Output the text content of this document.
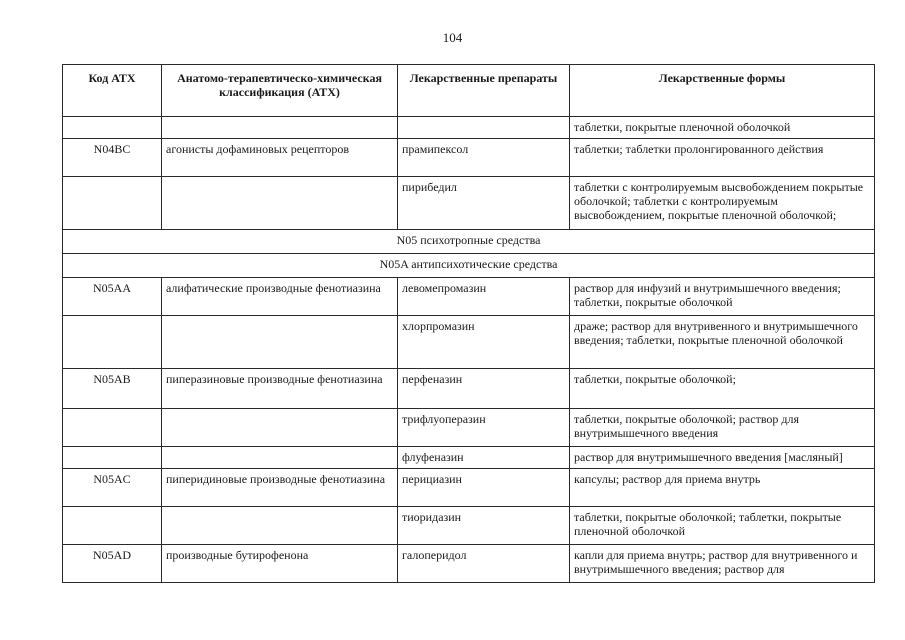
104
Код АТХ	Анатомо-терапевтическо-химическая классификация (АТХ)	Лекарственные препараты	Лекарственные формы
			таблетки, покрытые пленочной оболочкой
N04BC	агонисты дофаминовых рецепторов	прамипексол	таблетки; таблетки пролонгированного действия
		пирибедил	таблетки с контролируемым высвобождением покрытые оболочкой; таблетки с контролируемым высвобождением, покрытые пленочной оболочкой;
N05 психотропные средства			
N05A антипсихотические средства			
N05AA	алифатические производные фенотиазина	левомепромазин	раствор для инфузий и внутримышечного введения; таблетки, покрытые оболочкой
		хлорпромазин	драже; раствор для внутривенного и внутримышечного введения; таблетки, покрытые пленочной оболочкой
N05AB	пиперазиновые производные фенотиазина	перфеназин	таблетки, покрытые оболочкой;
		трифлуоперазин	таблетки, покрытые оболочкой; раствор для внутримышечного введения
		флуфеназин	раствор для внутримышечного введения [масляный]
N05AC	пиперидиновые производные фенотиазина	перициазин	капсулы; раствор для приема внутрь
		тиоридазин	таблетки, покрытые оболочкой; таблетки, покрытые пленочной оболочкой
N05AD	производные бутирофенона	галоперидол	капли для приема внутрь; раствор для внутривенного и внутримышечного введения; раствор для
